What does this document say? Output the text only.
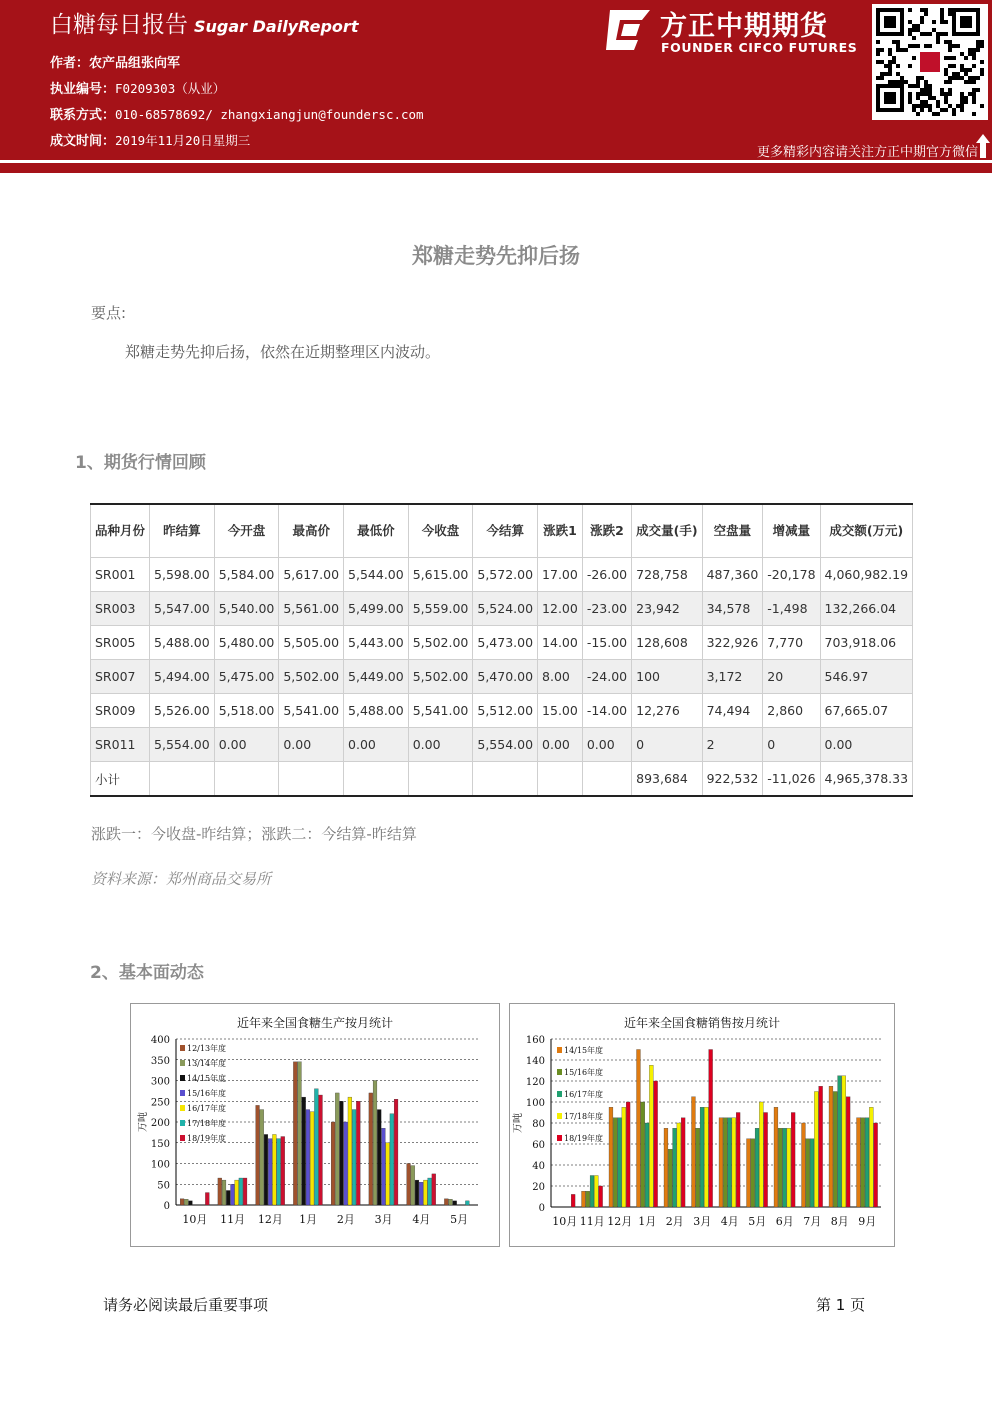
白糖每日报告 Sugar DailyReport
作者：农产品组张向军
执业编号：F0209303（从业）
联系方式：010-68578692/ zhangxiangjun@foundersc.com
成文时间：2019年11月20日星期三
方正中期期货
FOUNDER CIFCO FUTURES
更多精彩内容请关注方正中期官方微信
郑糖走势先抑后扬
要点:
郑糖走势先抑后扬，依然在近期整理区内波动。
1、期货行情回顾
品种月份	昨结算	今开盘	最高价	最低价	今收盘	今结算	涨跌1	涨跌2	成交量(手)	空盘量	增减量	成交额(万元)
SR001	5,598.00	5,584.00	5,617.00	5,544.00	5,615.00	5,572.00	17.00	-26.00	728,758	487,360	-20,178	4,060,982.19
SR003	5,547.00	5,540.00	5,561.00	5,499.00	5,559.00	5,524.00	12.00	-23.00	23,942	34,578	-1,498	132,266.04
SR005	5,488.00	5,480.00	5,505.00	5,443.00	5,502.00	5,473.00	14.00	-15.00	128,608	322,926	7,770	703,918.06
SR007	5,494.00	5,475.00	5,502.00	5,449.00	5,502.00	5,470.00	8.00	-24.00	100	3,172	20	546.97
SR009	5,526.00	5,518.00	5,541.00	5,488.00	5,541.00	5,512.00	15.00	-14.00	12,276	74,494	2,860	67,665.07
SR011	5,554.00	0.00	0.00	0.00	0.00	5,554.00	0.00	0.00	0	2	0	0.00
小计									893,684	922,532	-11,026	4,965,378.33
涨跌一：今收盘-昨结算；涨跌二：今结算-昨结算
资料来源：郑州商品交易所
2、基本面动态
近年来全国食糖生产按月统计
0
50
100
150
200
250
300
350
400
万吨
10月 11月 12月 1月 2月 3月 4月 5月
12/13年度
13/14年度
14/15年度
15/16年度
16/17年度
17/18年度
18/19年度
近年来全国食糖销售按月统计
0
20
40
60
80
100
120
140
160
万吨
10月 11月 12月 1月 2月 3月 4月 5月 6月 7月 8月 9月
14/15年度
15/16年度
16/17年度
17/18年度
18/19年度
请务必阅读最后重要事项	第 1 页
